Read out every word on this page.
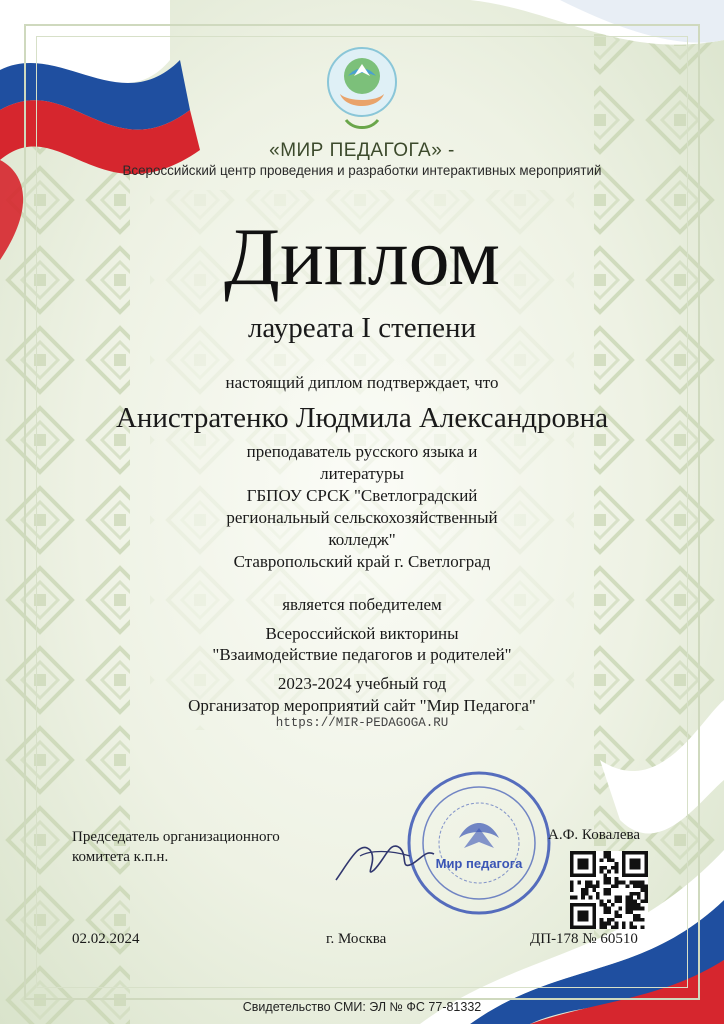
«МИР ПЕДАГОГА» -
Всероссийский центр проведения и разработки интерактивных мероприятий
Диплом
лауреата I степени
настоящий диплом подтверждает, что
Анистратенко Людмила Александровна
преподаватель русского языка и
литературы
ГБПОУ СРСК "Светлоградский
региональный сельскохозяйственный
колледж"
Ставропольский край г. Светлоград
является победителем
Всероссийской викторины
"Взаимодействие педагогов и родителей"
2023-2024 учебный год
Организатор мероприятий сайт "Мир Педагога"
https://MIR-PEDAGOGA.RU
Мир педагога
Председатель организационного
комитета к.п.н.
А.Ф. Ковалева
02.02.2024	г. Москва	ДП-178 № 60510
Свидетельство СМИ: ЭЛ № ФС 77-81332
